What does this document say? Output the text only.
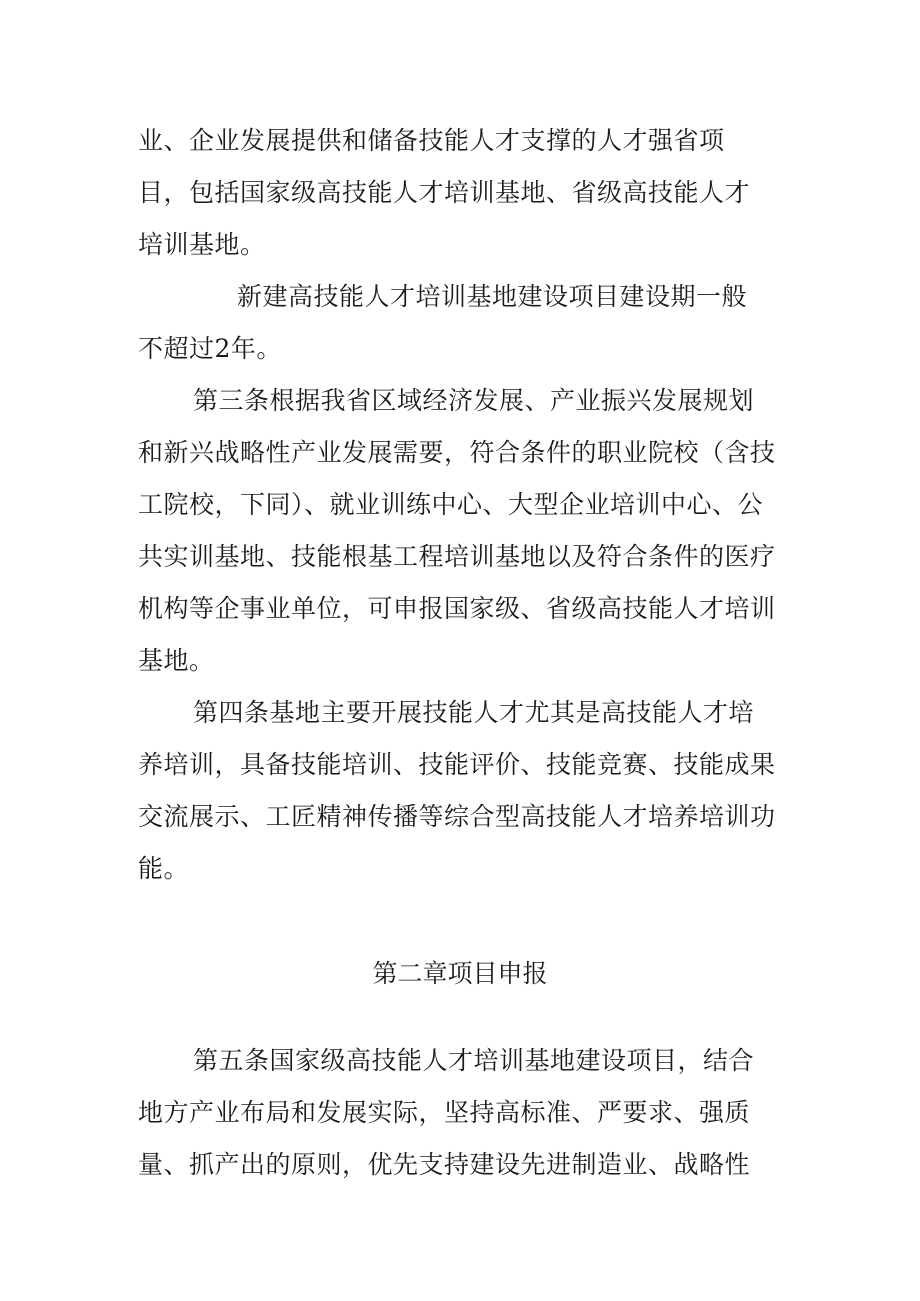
业、企业发展提供和储备技能人才支撑的人才强省项
目，包括国家级高技能人才培训基地、省级高技能人才
培训基地。
新建高技能人才培训基地建设项目建设期一般
不超过2年。
第三条根据我省区域经济发展、产业振兴发展规划
和新兴战略性产业发展需要，符合条件的职业院校（含技
工院校，下同）、就业训练中心、大型企业培训中心、公
共实训基地、技能根基工程培训基地以及符合条件的医疗
机构等企事业单位，可申报国家级、省级高技能人才培训
基地。
第四条基地主要开展技能人才尤其是高技能人才培
养培训，具备技能培训、技能评价、技能竞赛、技能成果
交流展示、工匠精神传播等综合型高技能人才培养培训功
能。
第二章项目申报
第五条国家级高技能人才培训基地建设项目，结合
地方产业布局和发展实际，坚持高标准、严要求、强质
量、抓产出的原则，优先支持建设先进制造业、战略性
